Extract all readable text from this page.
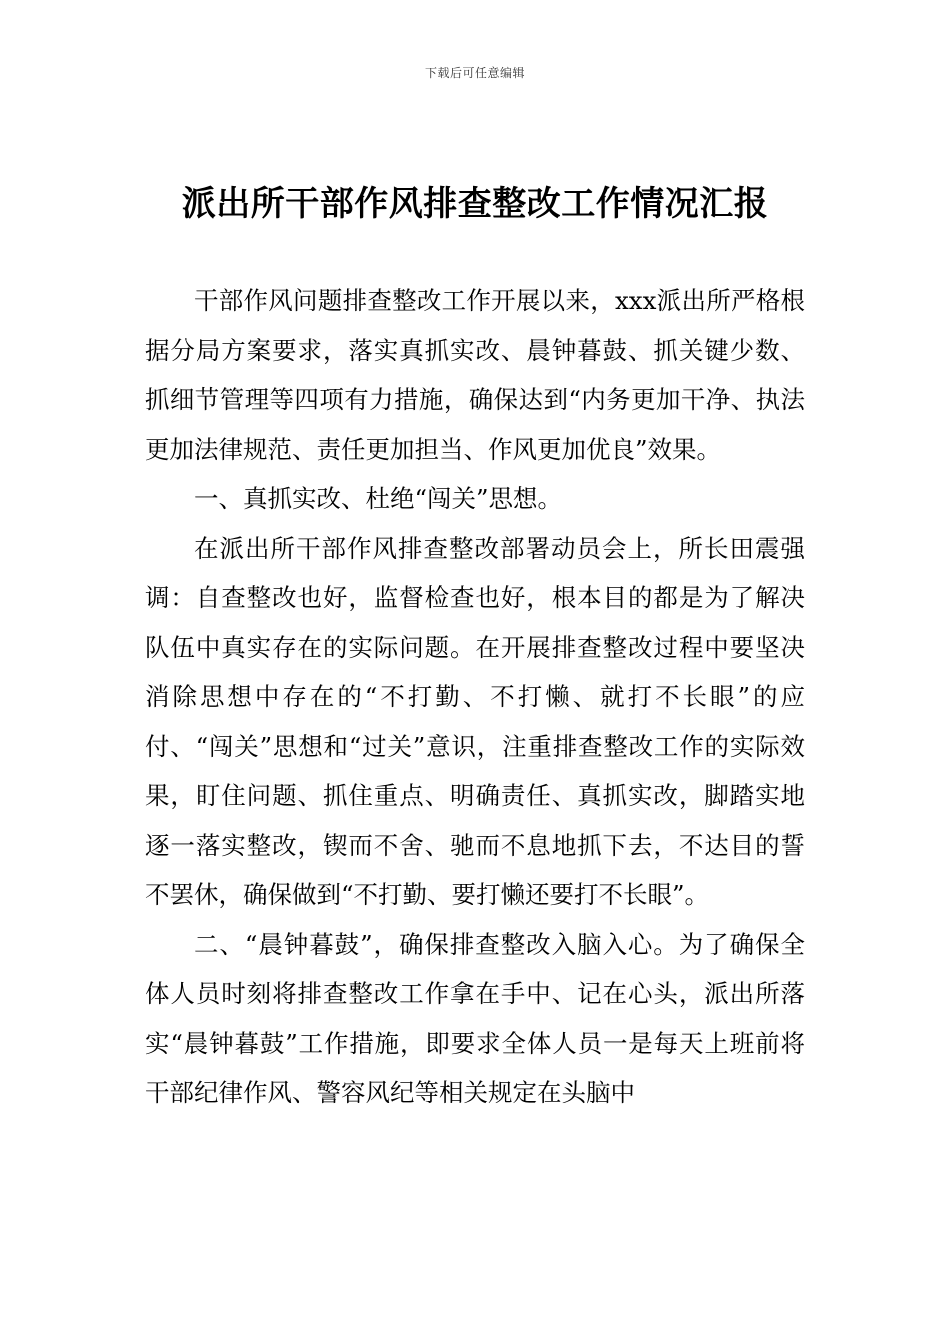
下载后可任意编辑
派出所干部作风排查整改工作情况汇报

干部作风问题排查整改工作开展以来，xxx派出所严格根据分局方案要求，落实真抓实改、晨钟暮鼓、抓关键少数、抓细节管理等四项有力措施，确保达到“内务更加干净、执法更加法律规范、责任更加担当、作风更加优良”效果。

一、真抓实改、杜绝“闯关”思想。

在派出所干部作风排查整改部署动员会上，所长田震强调：自查整改也好，监督检查也好，根本目的都是为了解决队伍中真实存在的实际问题。在开展排查整改过程中要坚决消除思想中存在的“不打勤、不打懒、就打不长眼”的应付、“闯关”思想和“过关”意识，注重排查整改工作的实际效果，盯住问题、抓住重点、明确责任、真抓实改，脚踏实地逐一落实整改，锲而不舍、驰而不息地抓下去，不达目的誓不罢休，确保做到“不打勤、要打懒还要打不长眼”。

二、“晨钟暮鼓”，确保排查整改入脑入心。为了确保全体人员时刻将排查整改工作拿在手中、记在心头，派出所落实“晨钟暮鼓”工作措施，即要求全体人员一是每天上班前将干部纪律作风、警容风纪等相关规定在头脑中
